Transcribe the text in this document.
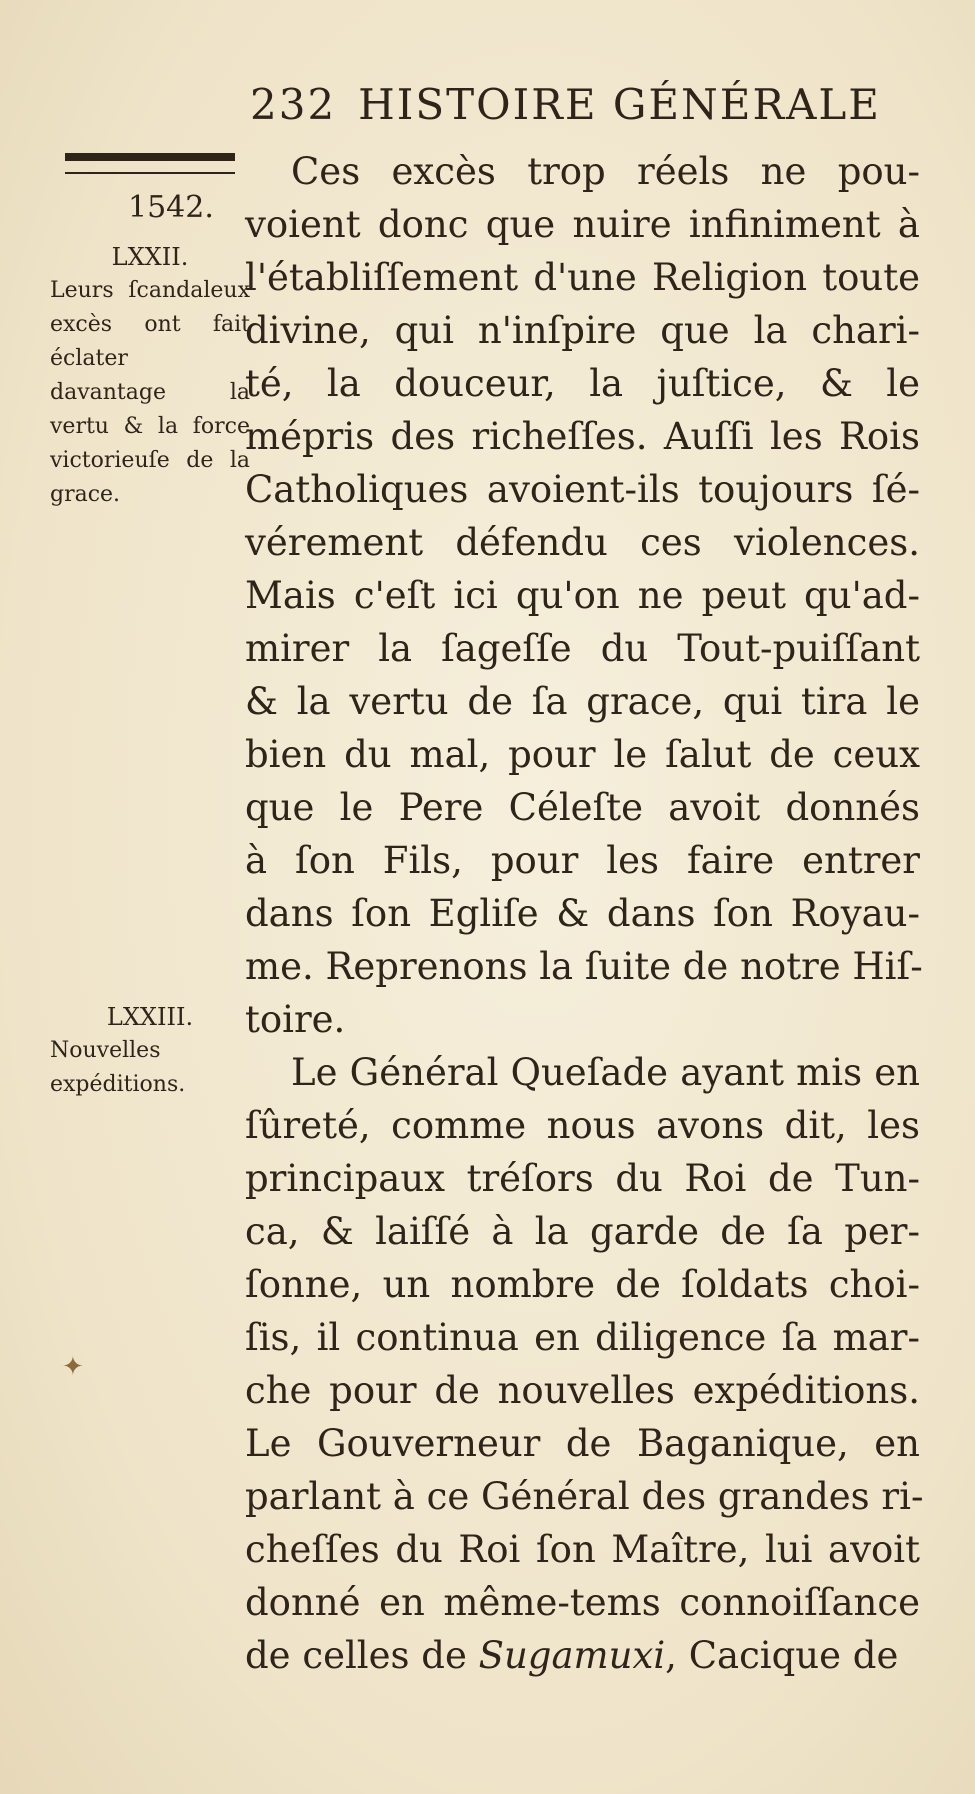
232 HISTOIRE GÉNÉRALE
1542.
LXXII.
Leurs ſcandaleux excès ont fait éclater davantage la vertu & la force victorieuſe de la grace.
LXXIII.
Nouvelles expéditions.
✦
Ces excès trop réels ne pou-
voient donc que nuire infiniment à
l'établiſſement d'une Religion toute
divine, qui n'inſpire que la chari-
té, la douceur, la juſtice, & le
mépris des richeſſes. Auſſi les Rois
Catholiques avoient-ils toujours ſé-
vérement défendu ces violences.
Mais c'eſt ici qu'on ne peut qu'ad-
mirer la ſageſſe du Tout-puiſſant
& la vertu de ſa grace, qui tira le
bien du mal, pour le ſalut de ceux
que le Pere Céleſte avoit donnés
à ſon Fils, pour les faire entrer
dans ſon Egliſe & dans ſon Royau-
me. Reprenons la ſuite de notre Hiſ-
toire.
Le Général Queſade ayant mis en
ſûreté, comme nous avons dit, les
principaux tréſors du Roi de Tun-
ca, & laiſſé à la garde de ſa per-
ſonne, un nombre de ſoldats choi-
ſis, il continua en diligence ſa mar-
che pour de nouvelles expéditions.
Le Gouverneur de Baganique, en
parlant à ce Général des grandes ri-
cheſſes du Roi ſon Maître, lui avoit
donné en même-tems connoiſſance
de celles de Sugamuxi, Cacique de
